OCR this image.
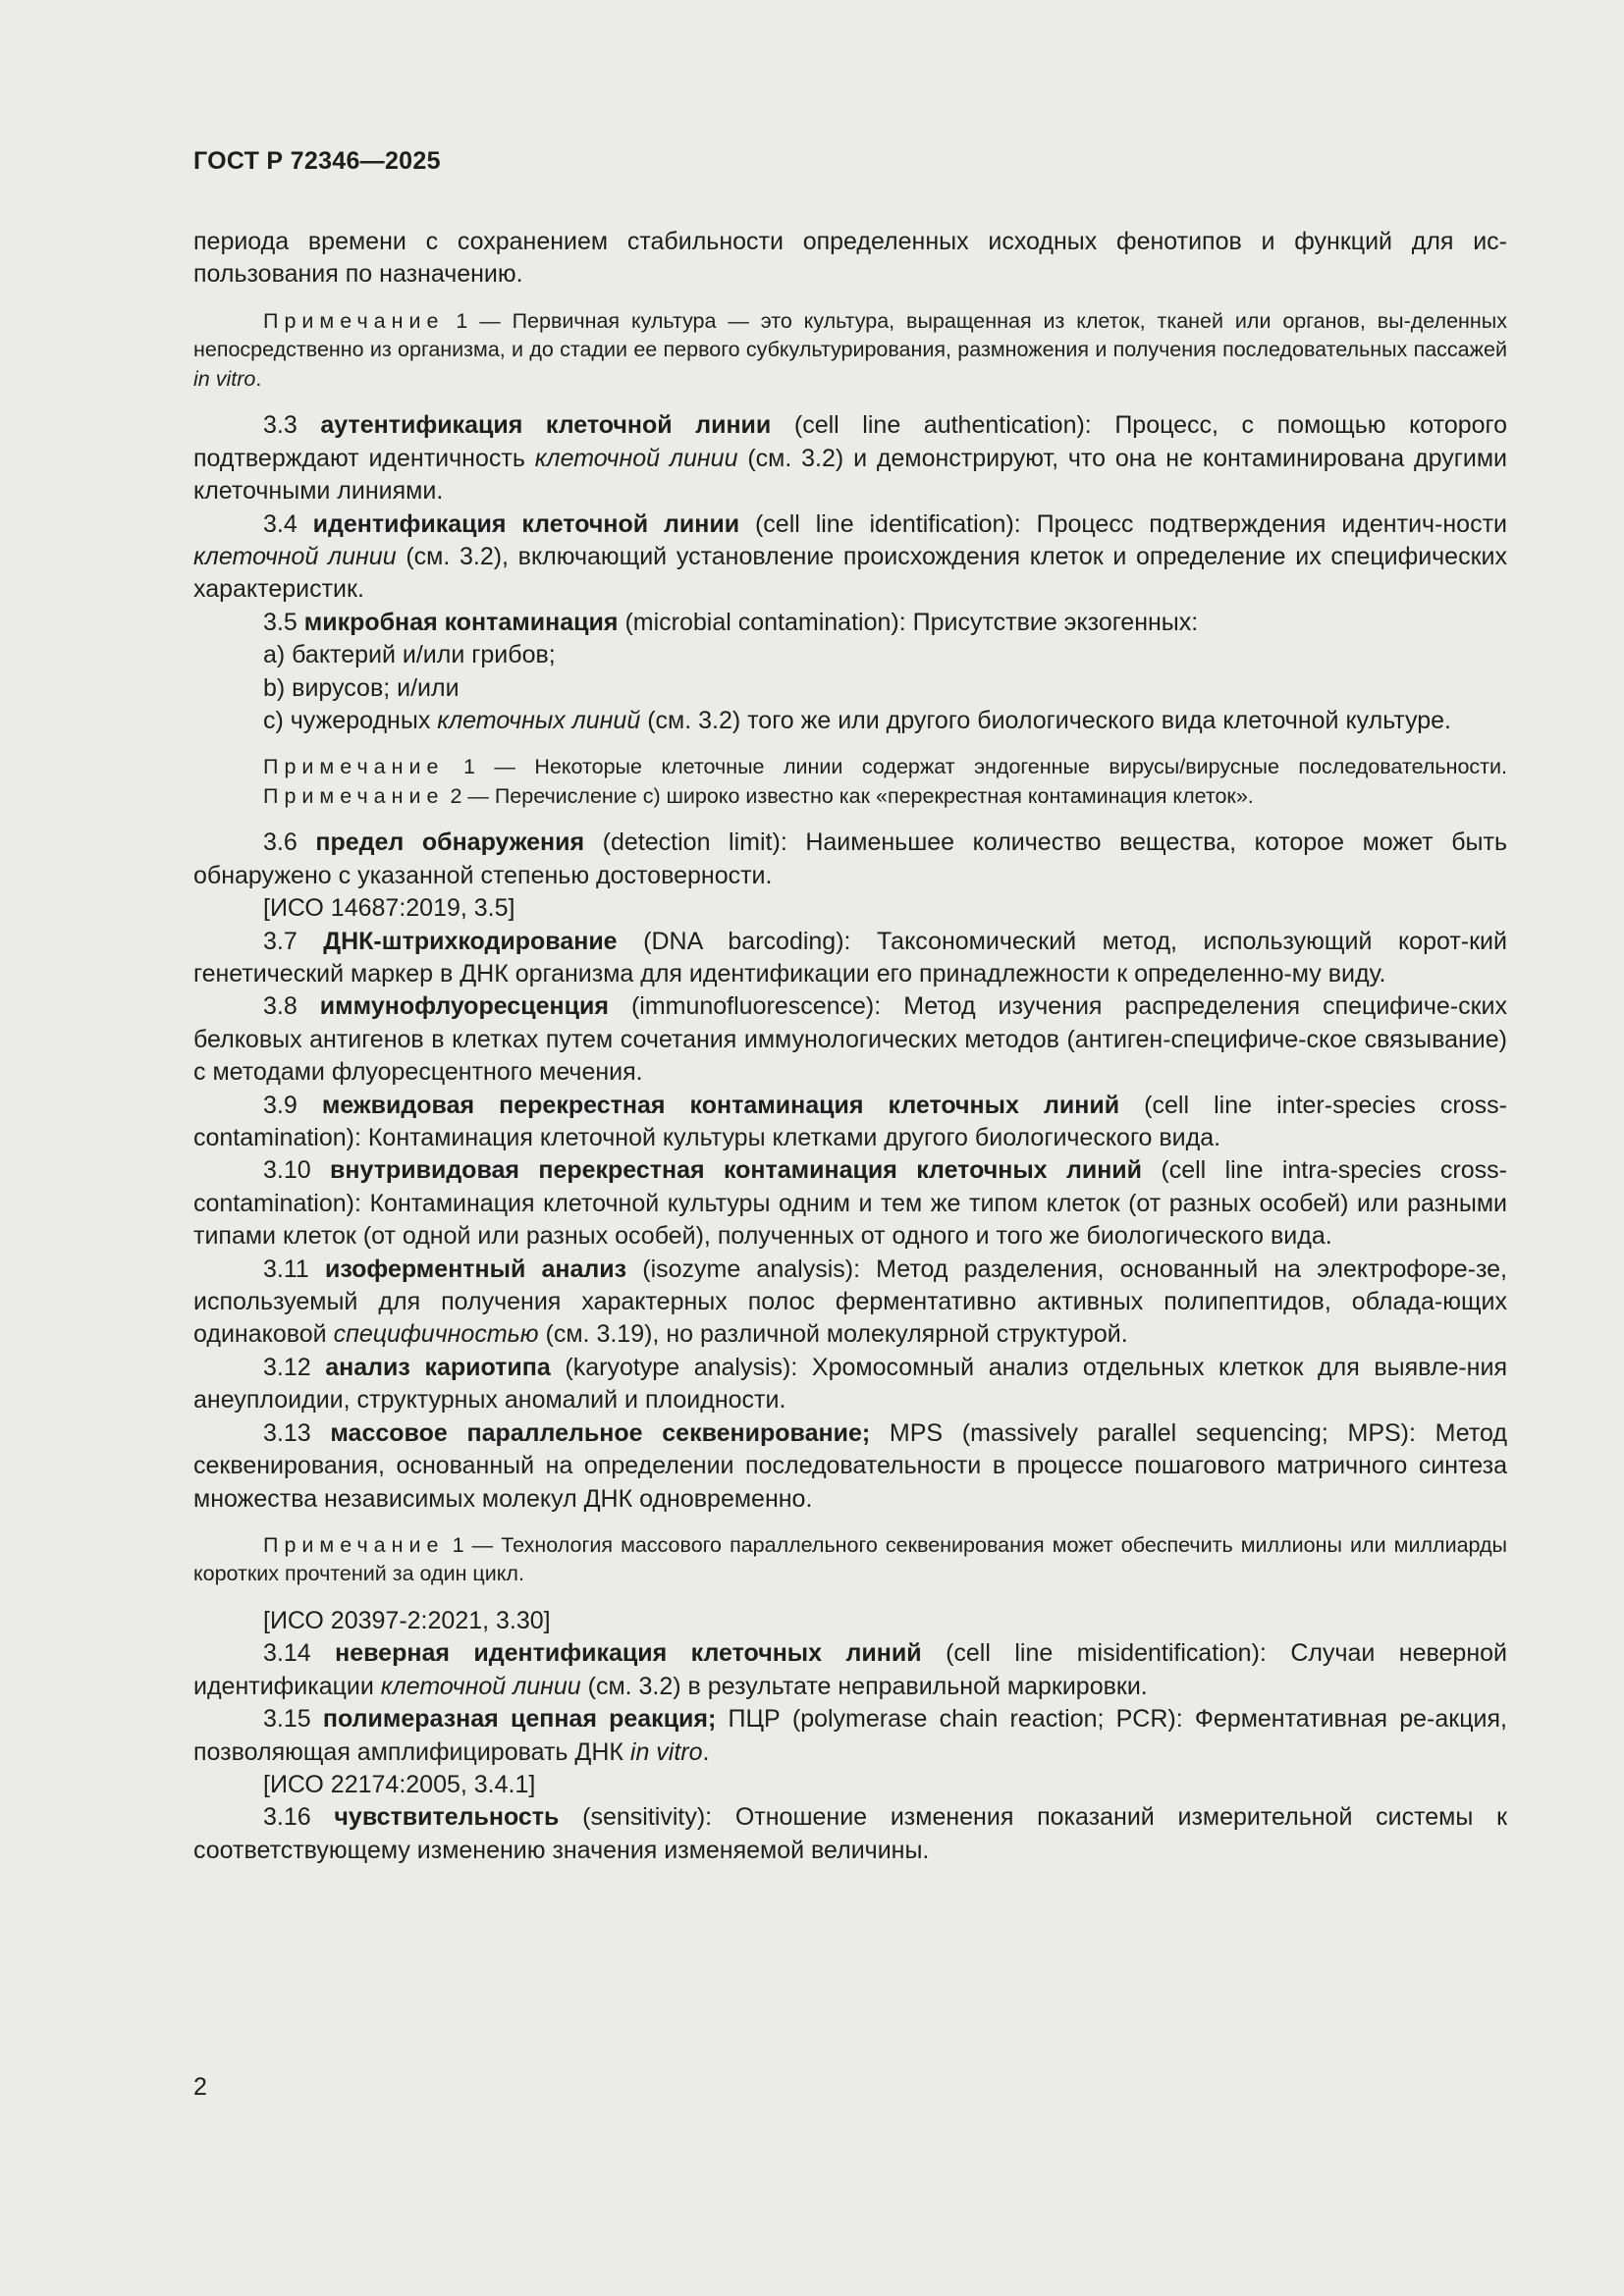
ГОСТ Р 72346—2025

периода времени с сохранением стабильности определенных исходных фенотипов и функций для ис-пользования по назначению.

Примечание 1 — Первичная культура — это культура, выращенная из клеток, тканей или органов, вы-деленных непосредственно из организма, и до стадии ее первого субкультурирования, размножения и получения последовательных пассажей in vitro.

3.3 аутентификация клеточной линии (cell line authentication): Процесс, с помощью которого подтверждают идентичность клеточной линии (см. 3.2) и демонстрируют, что она не контаминирована другими клеточными линиями.

3.4 идентификация клеточной линии (cell line identification): Процесс подтверждения идентич-ности клеточной линии (см. 3.2), включающий установление происхождения клеток и определение их специфических характеристик.

3.5 микробная контаминация (microbial contamination): Присутствие экзогенных:

a) бактерий и/или грибов;

b) вирусов; и/или

c) чужеродных клеточных линий (см. 3.2) того же или другого биологического вида клеточной культуре.

Примечание 1 — Некоторые клеточные линии содержат эндогенные вирусы/вирусные последовательности.

Примечание 2 — Перечисление с) широко известно как «перекрестная контаминация клеток».

3.6 предел обнаружения (detection limit): Наименьшее количество вещества, которое может быть обнаружено с указанной степенью достоверности.

[ИСО 14687:2019, 3.5]

3.7 ДНК-штрихкодирование (DNA barcoding): Таксономический метод, использующий корот-кий генетический маркер в ДНК организма для идентификации его принадлежности к определенно-му виду.

3.8 иммунофлуоресценция (immunofluorescence): Метод изучения распределения специфиче-ских белковых антигенов в клетках путем сочетания иммунологических методов (антиген-специфиче-ское связывание) с методами флуоресцентного мечения.

3.9 межвидовая перекрестная контаминация клеточных линий (cell line inter-species cross-contamination): Контаминация клеточной культуры клетками другого биологического вида.

3.10 внутривидовая перекрестная контаминация клеточных линий (cell line intra-species cross-contamination): Контаминация клеточной культуры одним и тем же типом клеток (от разных особей) или разными типами клеток (от одной или разных особей), полученных от одного и того же биологического вида.

3.11 изоферментный анализ (isozyme analysis): Метод разделения, основанный на электрофоре-зе, используемый для получения характерных полос ферментативно активных полипептидов, облада-ющих одинаковой специфичностью (см. 3.19), но различной молекулярной структурой.

3.12 анализ кариотипа (karyotype analysis): Хромосомный анализ отдельных клеткок для выявле-ния анеуплоидии, структурных аномалий и плоидности.

3.13 массовое параллельное секвенирование; MPS (massively parallel sequencing; MPS): Метод секвенирования, основанный на определении последовательности в процессе пошагового матричного синтеза множества независимых молекул ДНК одновременно.

Примечание 1 — Технология массового параллельного секвенирования может обеспечить миллионы или миллиарды коротких прочтений за один цикл.

[ИСО 20397-2:2021, 3.30]

3.14 неверная идентификация клеточных линий (cell line misidentification): Случаи неверной идентификации клеточной линии (см. 3.2) в результате неправильной маркировки.

3.15 полимеразная цепная реакция; ПЦР (polymerase chain reaction; PCR): Ферментативная ре-акция, позволяющая амплифицировать ДНК in vitro.

[ИСО 22174:2005, 3.4.1]

3.16 чувствительность (sensitivity): Отношение изменения показаний измерительной системы к соответствующему изменению значения изменяемой величины.

2
